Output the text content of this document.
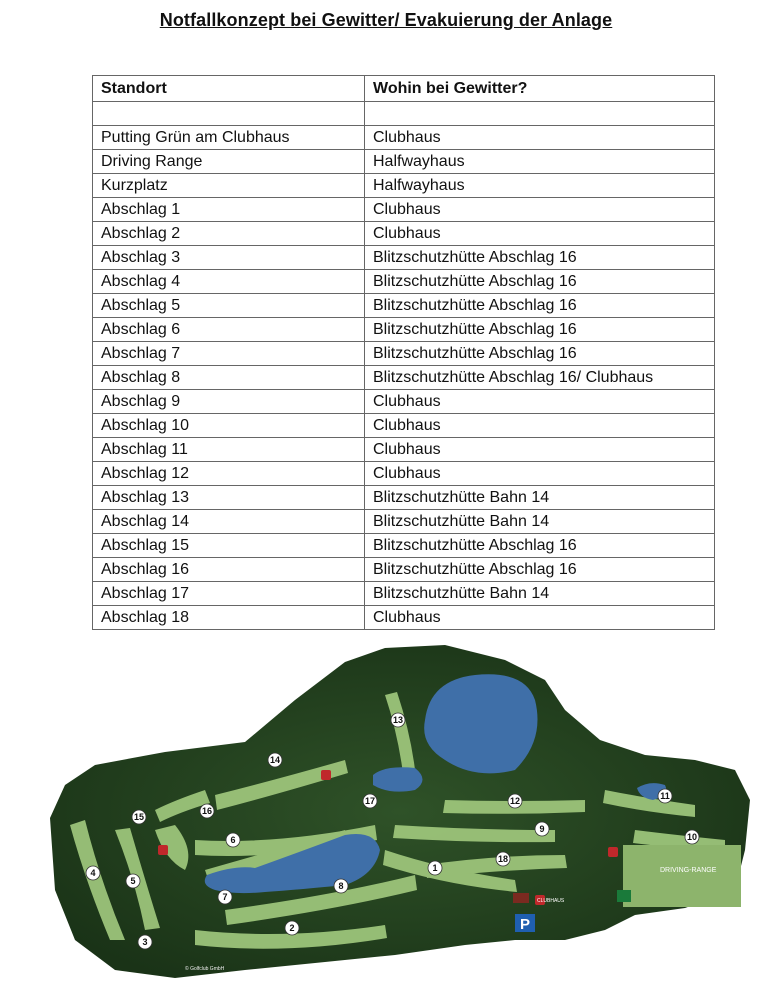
Notfallkonzept bei Gewitter/ Evakuierung der Anlage
Standort	Wohin bei Gewitter?

Putting Grün am Clubhaus	Clubhaus
Driving Range	Halfwayhaus
Kurzplatz	Halfwayhaus
Abschlag 1	Clubhaus
Abschlag 2	Clubhaus
Abschlag 3	Blitzschutzhütte Abschlag 16
Abschlag 4	Blitzschutzhütte Abschlag 16
Abschlag 5	Blitzschutzhütte Abschlag 16
Abschlag 6	Blitzschutzhütte Abschlag 16
Abschlag 7	Blitzschutzhütte Abschlag 16
Abschlag 8	Blitzschutzhütte Abschlag 16/ Clubhaus
Abschlag 9	Clubhaus
Abschlag 10	Clubhaus
Abschlag 11	Clubhaus
Abschlag 12	Clubhaus
Abschlag 13	Blitzschutzhütte Bahn 14
Abschlag 14	Blitzschutzhütte Bahn 14
Abschlag 15	Blitzschutzhütte Abschlag 16
Abschlag 16	Blitzschutzhütte Abschlag 16
Abschlag 17	Blitzschutzhütte Bahn 14
Abschlag 18	Clubhaus
DRIVING-RANGE
CLUBHAUS
P
1
2
3
4
5
6
7
8
9
10
11
12
13
14
15
16
17
18
© Golfclub GmbH
